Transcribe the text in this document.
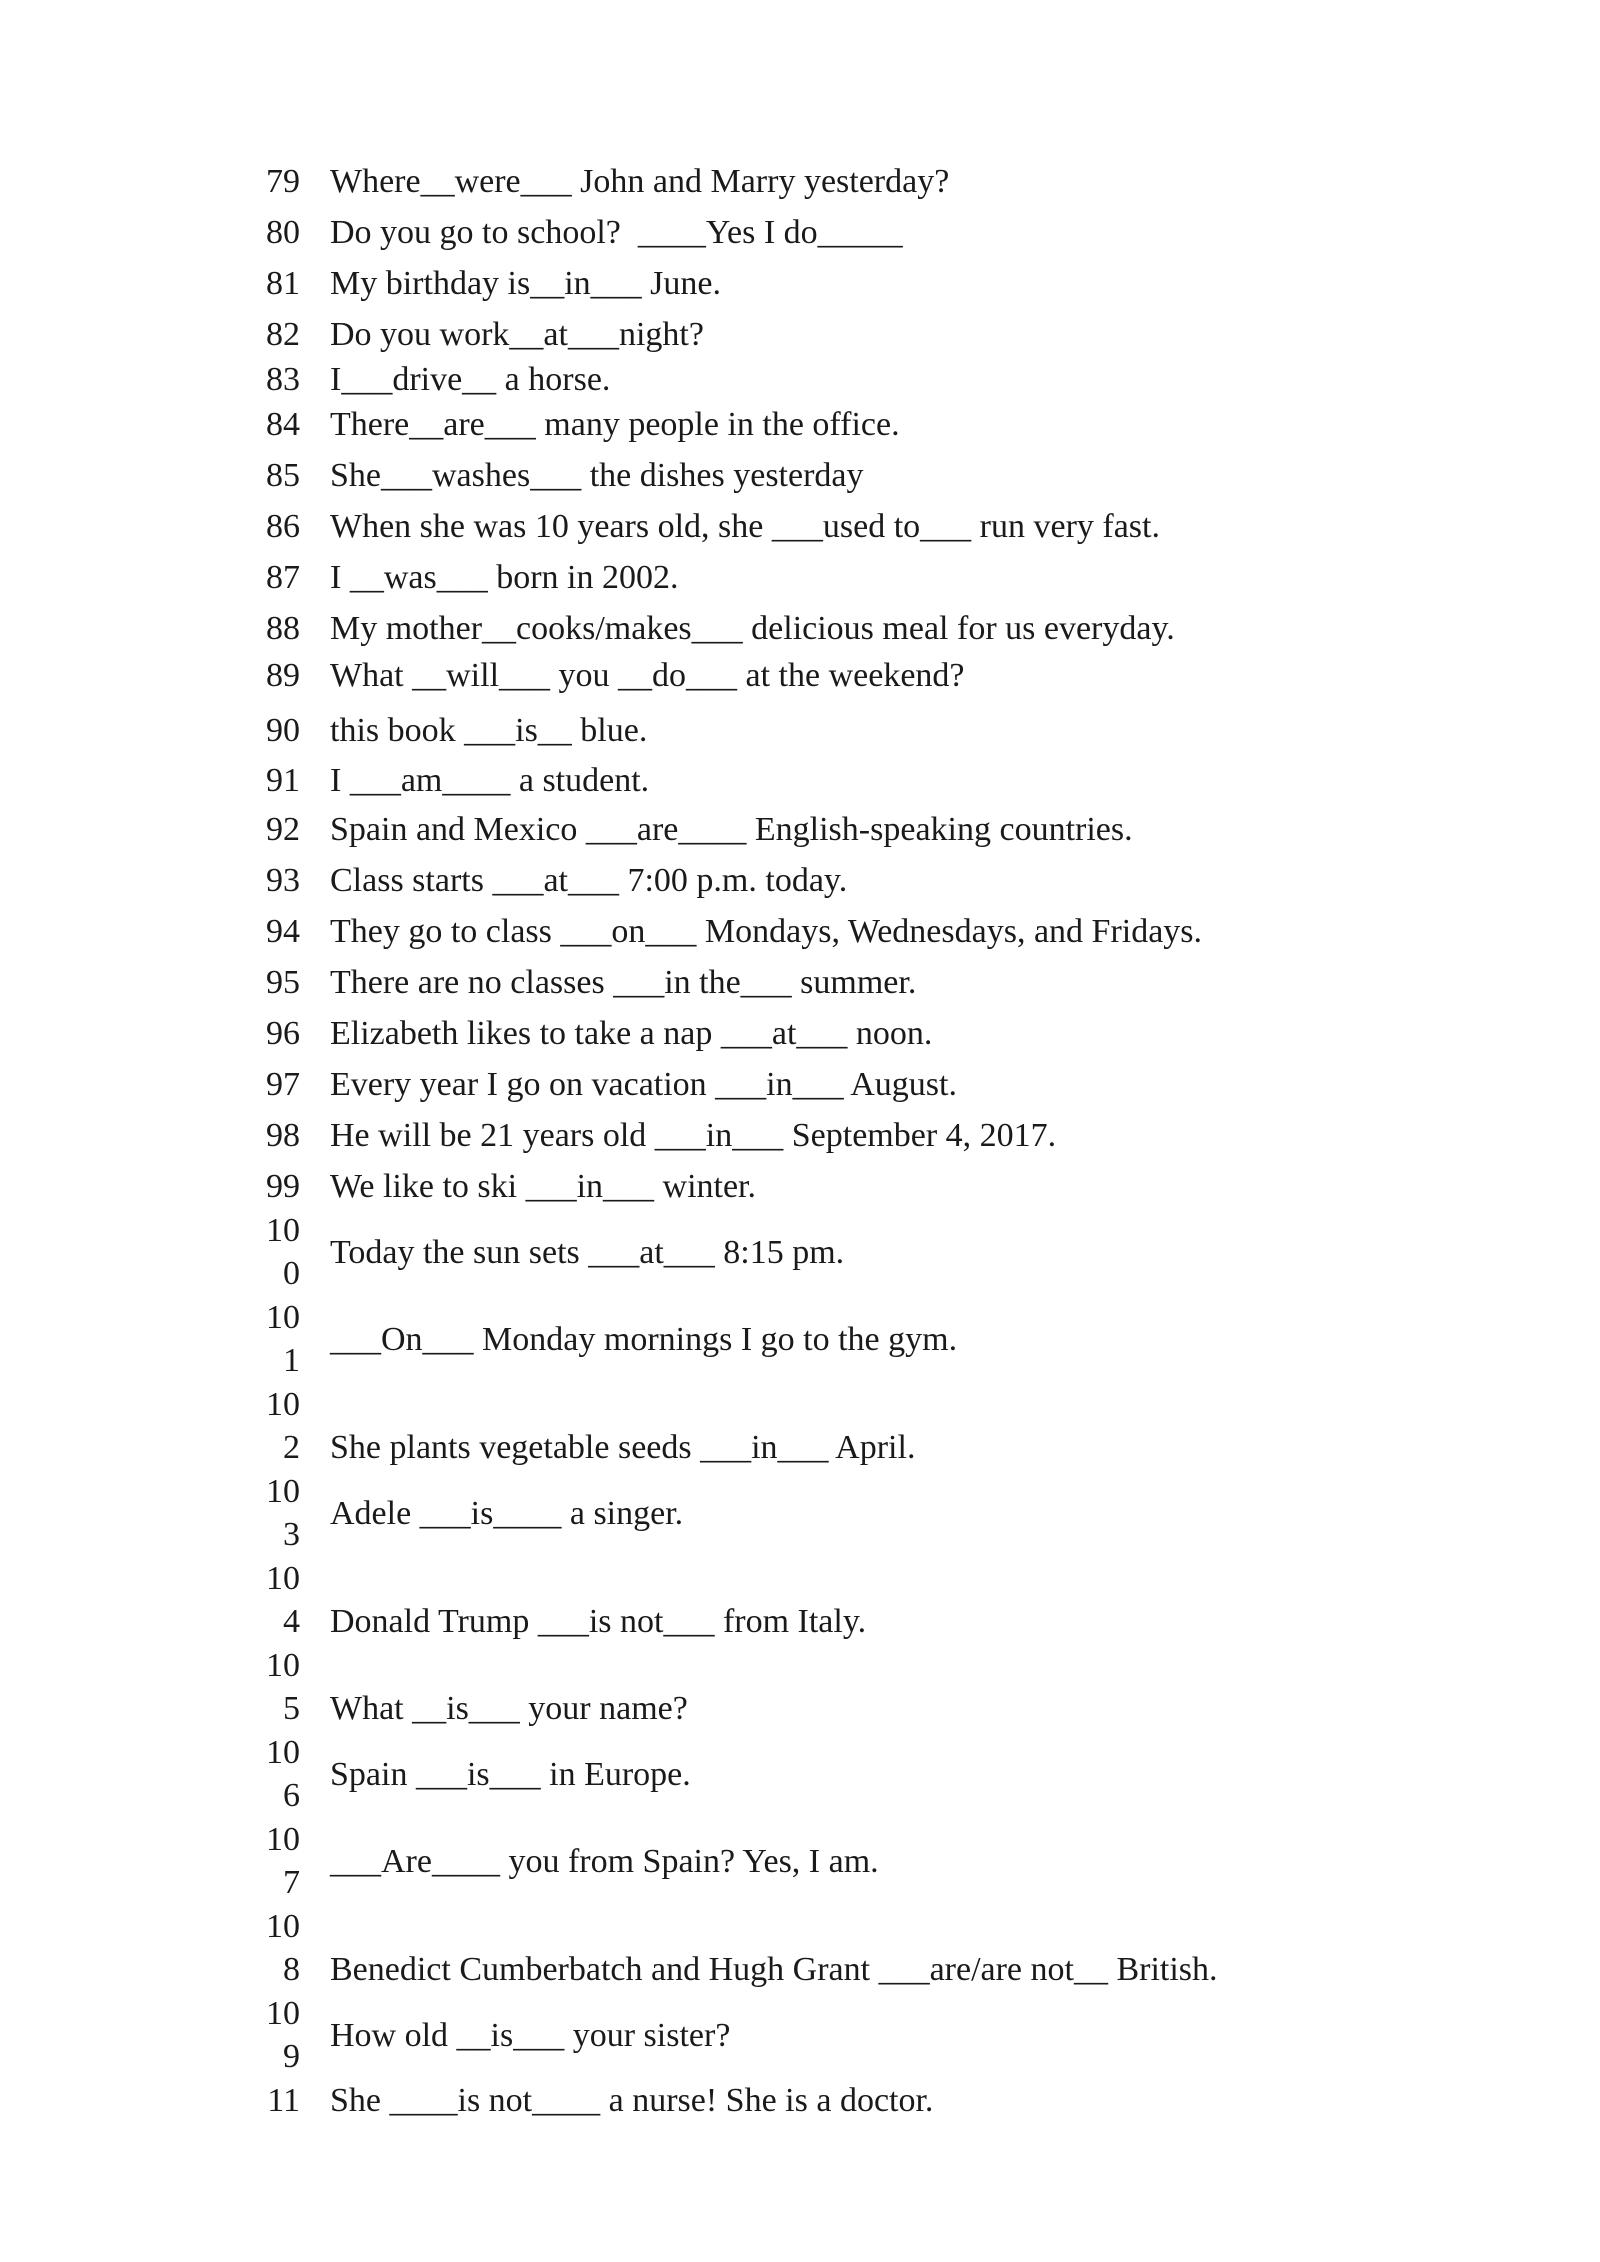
79 Where__were___ John and Marry yesterday?
80 Do you go to school?  ____Yes I do_____
81 My birthday is__in___ June.
82 Do you work__at___night?
83 I___drive__ a horse.
84 There__are___ many people in the office.
85 She___washes___ the dishes yesterday
86 When she was 10 years old, she ___used to___ run very fast.
87 I __was___ born in 2002.
88 My mother__cooks/makes___ delicious meal for us everyday.
89 What __will___ you __do___ at the weekend?
90 this book ___is__ blue.
91 I ___am____ a student.
92 Spain and Mexico ___are____ English-speaking countries.
93 Class starts ___at___ 7:00 p.m. today.
94 They go to class ___on___ Mondays, Wednesdays, and Fridays.
95 There are no classes ___in the___ summer.
96 Elizabeth likes to take a nap ___at___ noon.
97 Every year I go on vacation ___in___ August.
98 He will be 21 years old ___in___ September 4, 2017.
99 We like to ski ___in___ winter.
10
0
Today the sun sets ___at___ 8:15 pm.
10
1
___On___ Monday mornings I go to the gym.
10
2 She plants vegetable seeds ___in___ April.
10
3
Adele ___is____ a singer.
10
4 Donald Trump ___is not___ from Italy.
10
5 What __is___ your name?
10
6
Spain ___is___ in Europe.
10
7
___Are____ you from Spain? Yes, I am.
10
8 Benedict Cumberbatch and Hugh Grant ___are/are not__ British.
10
9
How old __is___ your sister?
11 She ____is not____ a nurse! She is a doctor.
